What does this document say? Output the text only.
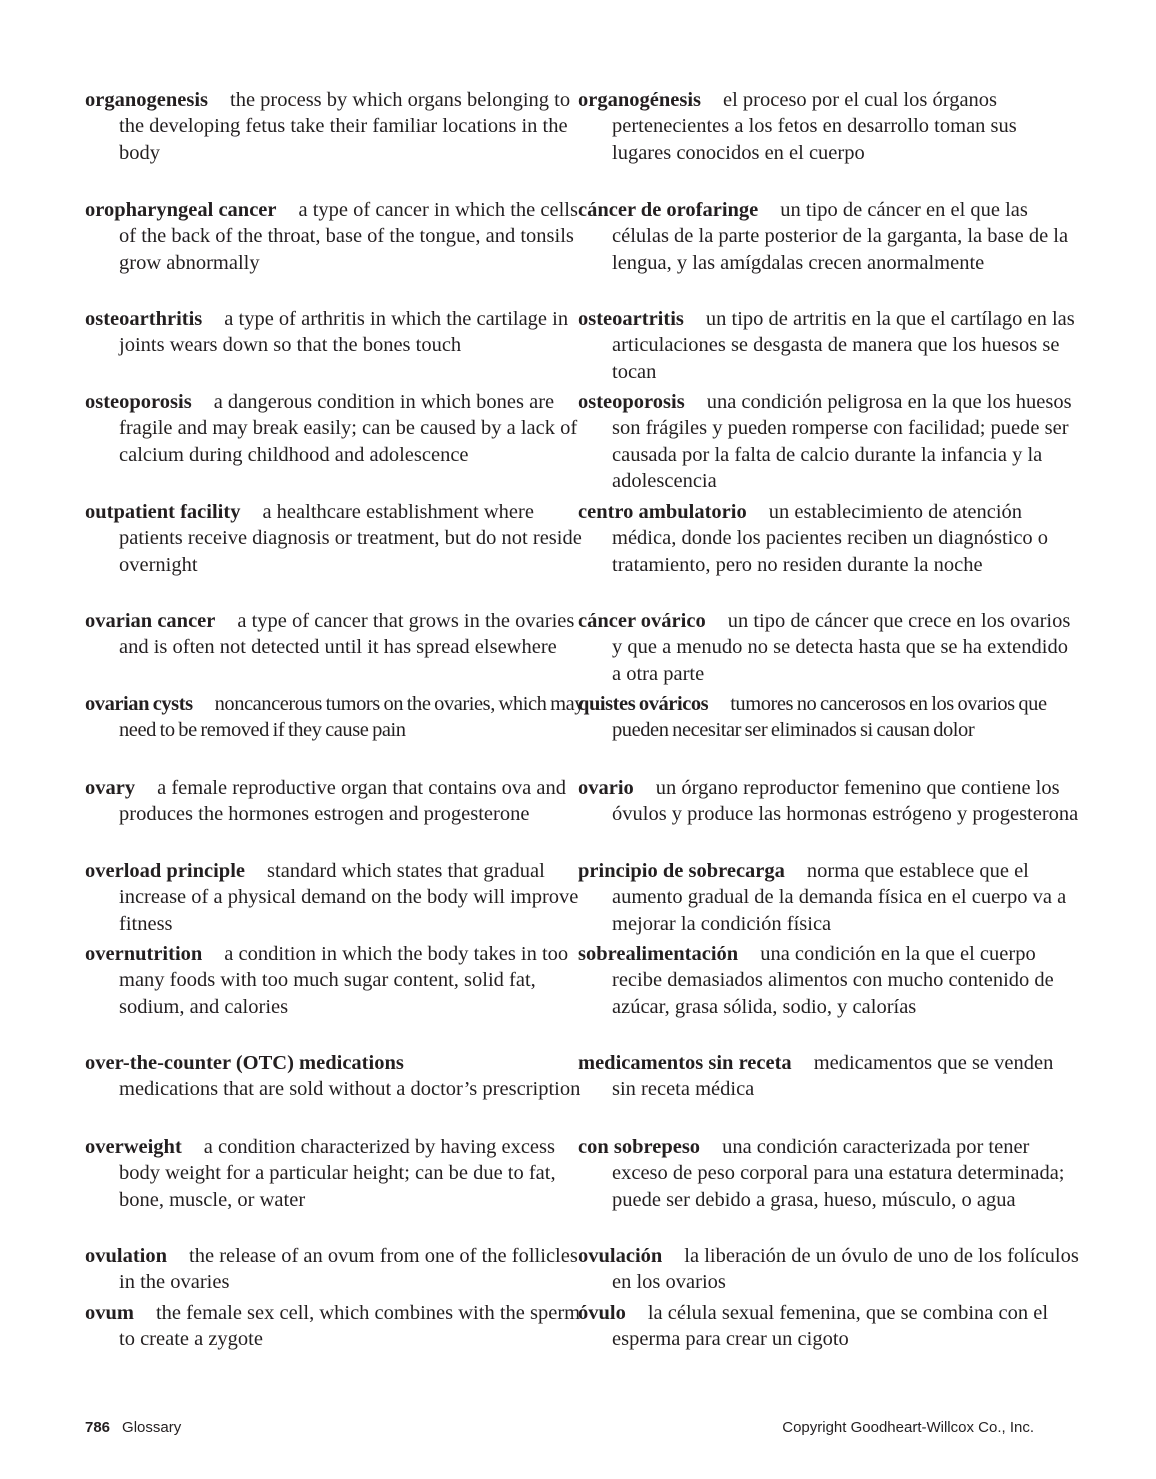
organogenesis the process by which organs belonging to the developing fetus take their familiar locations in the body

oropharyngeal cancer a type of cancer in which the cells of the back of the throat, base of the tongue, and tonsils grow abnormally

osteoarthritis a type of arthritis in which the cartilage in joints wears down so that the bones touch

osteoporosis a dangerous condition in which bones are fragile and may break easily; can be caused by a lack of calcium during childhood and adolescence

outpatient facility a healthcare establishment where patients receive diagnosis or treatment, but do not reside overnight

ovarian cancer a type of cancer that grows in the ovaries and is often not detected until it has spread elsewhere

ovarian cysts noncancerous tumors on the ovaries, which may need to be removed if they cause pain

ovary a female reproductive organ that contains ova and produces the hormones estrogen and progesterone

overload principle standard which states that gradual increase of a physical demand on the body will improve fitness

overnutrition a condition in which the body takes in too many foods with too much sugar content, solid fat, sodium, and calories

over-the-counter (OTC) medications
medications that are sold without a doctor’s prescription

overweight a condition characterized by having excess body weight for a particular height; can be due to fat, bone, muscle, or water

ovulation the release of an ovum from one of the follicles in the ovaries

ovum the female sex cell, which combines with the sperm to create a zygote

organogénesis el proceso por el cual los órganos pertenecientes a los fetos en desarrollo toman sus lugares conocidos en el cuerpo

cáncer de orofaringe un tipo de cáncer en el que las células de la parte posterior de la garganta, la base de la lengua, y las amígdalas crecen anormalmente

osteoartritis un tipo de artritis en la que el cartílago en las articulaciones se desgasta de manera que los huesos se tocan

osteoporosis una condición peligrosa en la que los huesos son frágiles y pueden romperse con facilidad; puede ser causada por la falta de calcio durante la infancia y la adolescencia

centro ambulatorio un establecimiento de atención médica, donde los pacientes reciben un diagnóstico o tratamiento, pero no residen durante la noche

cáncer ovárico un tipo de cáncer que crece en los ovarios y que a menudo no se detecta hasta que se ha extendido a otra parte

quistes ováricos tumores no cancerosos en los ovarios que pueden necesitar ser eliminados si causan dolor

ovario un órgano reproductor femenino que contiene los óvulos y produce las hormonas estrógeno y progesterona

principio de sobrecarga norma que establece que el aumento gradual de la demanda física en el cuerpo va a mejorar la condición física

sobrealimentación una condición en la que el cuerpo recibe demasiados alimentos con mucho contenido de azúcar, grasa sólida, sodio, y calorías

medicamentos sin receta medicamentos que se venden sin receta médica

con sobrepeso una condición caracterizada por tener exceso de peso corporal para una estatura determinada; puede ser debido a grasa, hueso, músculo, o agua

ovulación la liberación de un óvulo de uno de los folículos en los ovarios

óvulo la célula sexual femenina, que se combina con el esperma para crear un cigoto

786 Glossary	Copyright Goodheart-Willcox Co., Inc.
